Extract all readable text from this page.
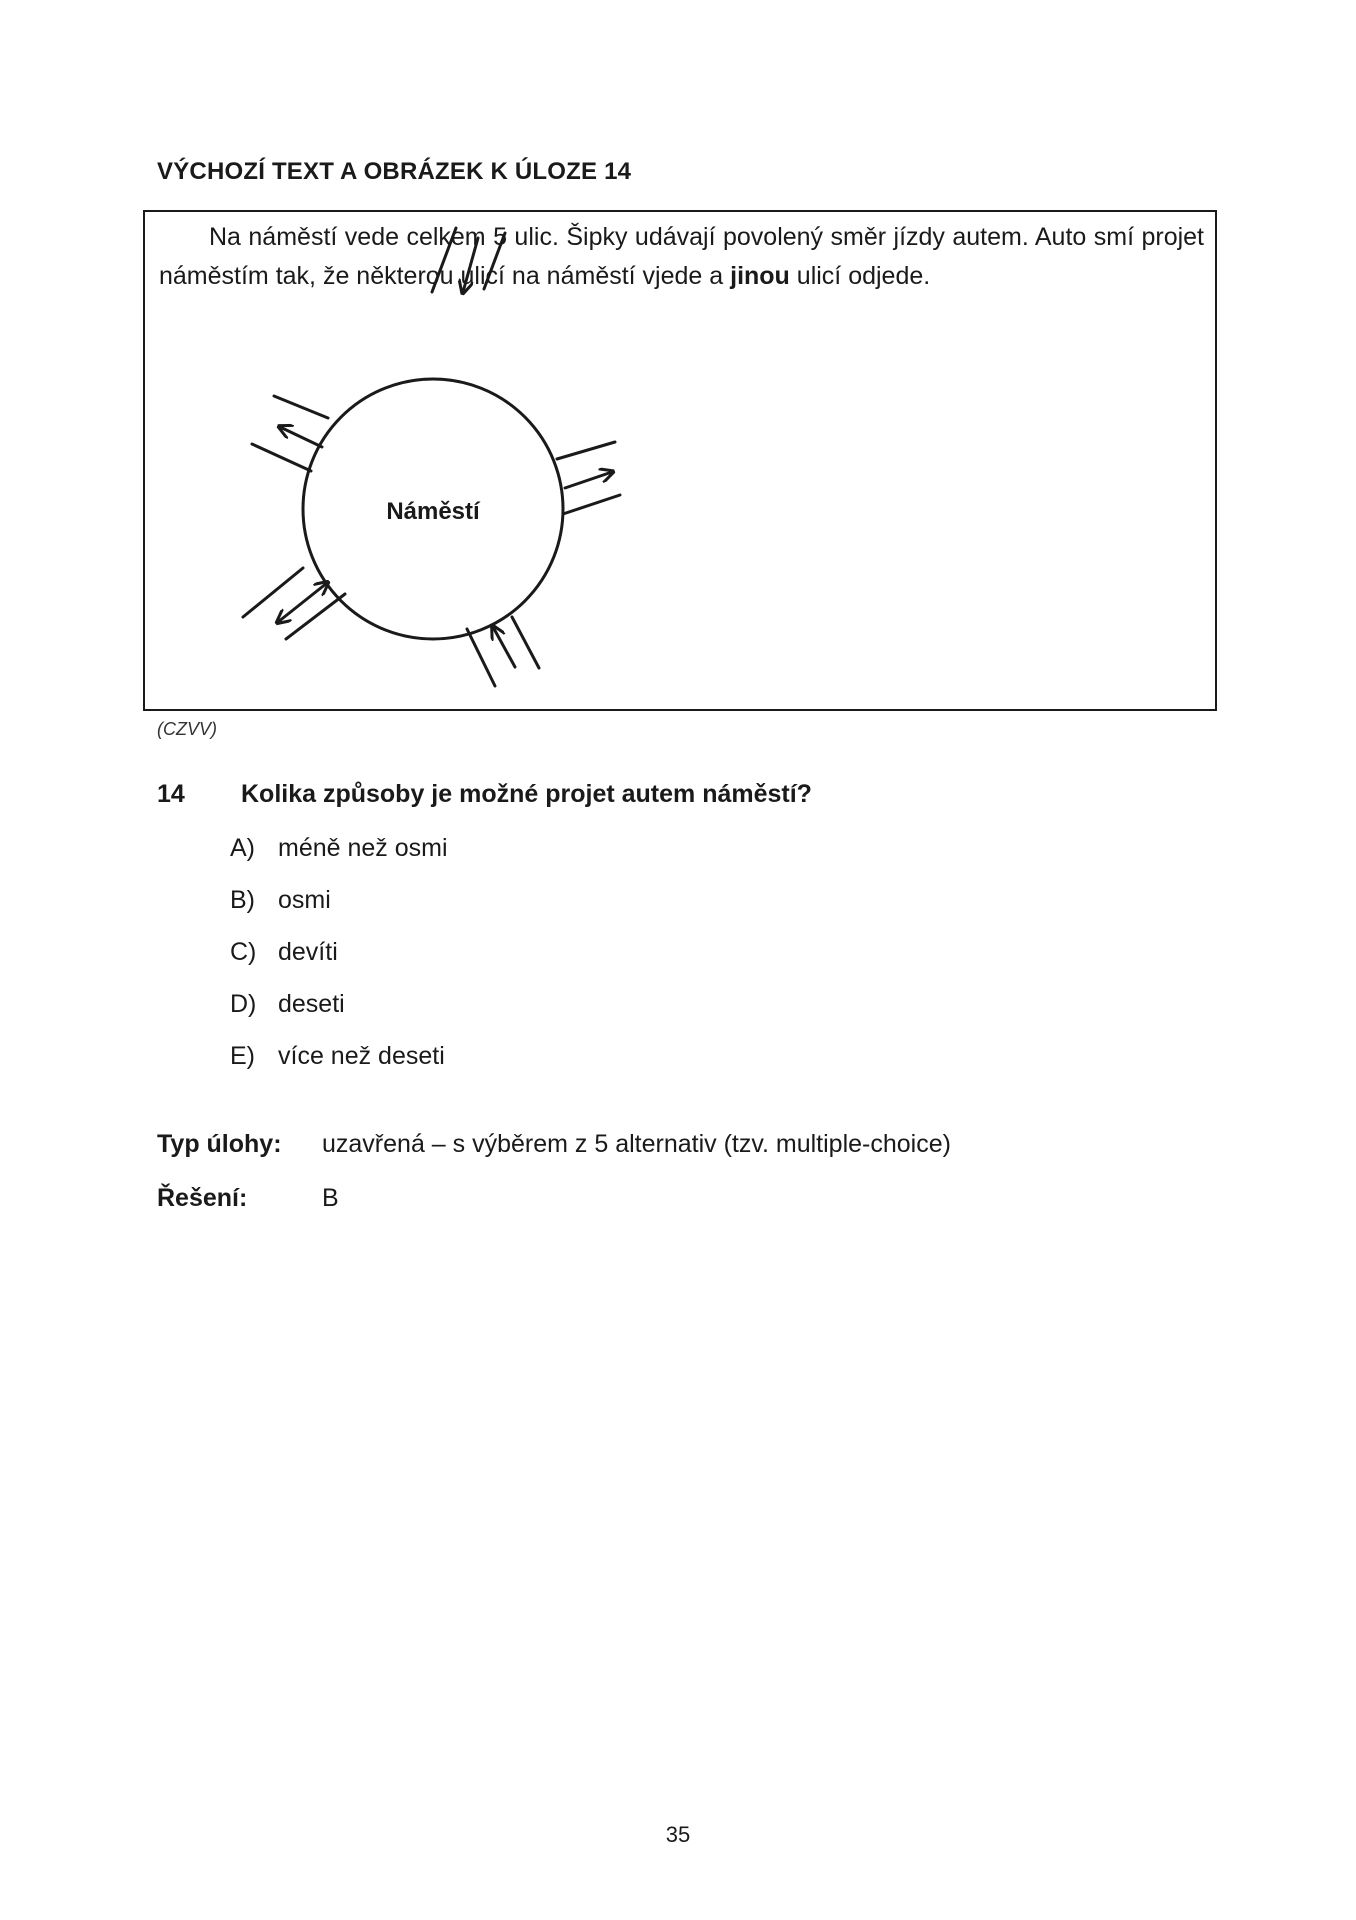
VÝCHOZÍ TEXT A OBRÁZEK K ÚLOZE 14

Na náměstí vede celkem 5 ulic. Šipky udávají povolený směr jízdy autem. Auto smí projet náměstím tak, že některou ulicí na náměstí vjede a jinou ulicí odjede.

Náměstí
(CZVV)
14 Kolika způsoby je možné projet autem náměstí?
A) méně než osmi
B) osmi
C) devíti
D) deseti
E) více než deseti
Typ úlohy: uzavřená – s výběrem z 5 alternativ (tzv. multiple-choice)
Řešení:	B
35
